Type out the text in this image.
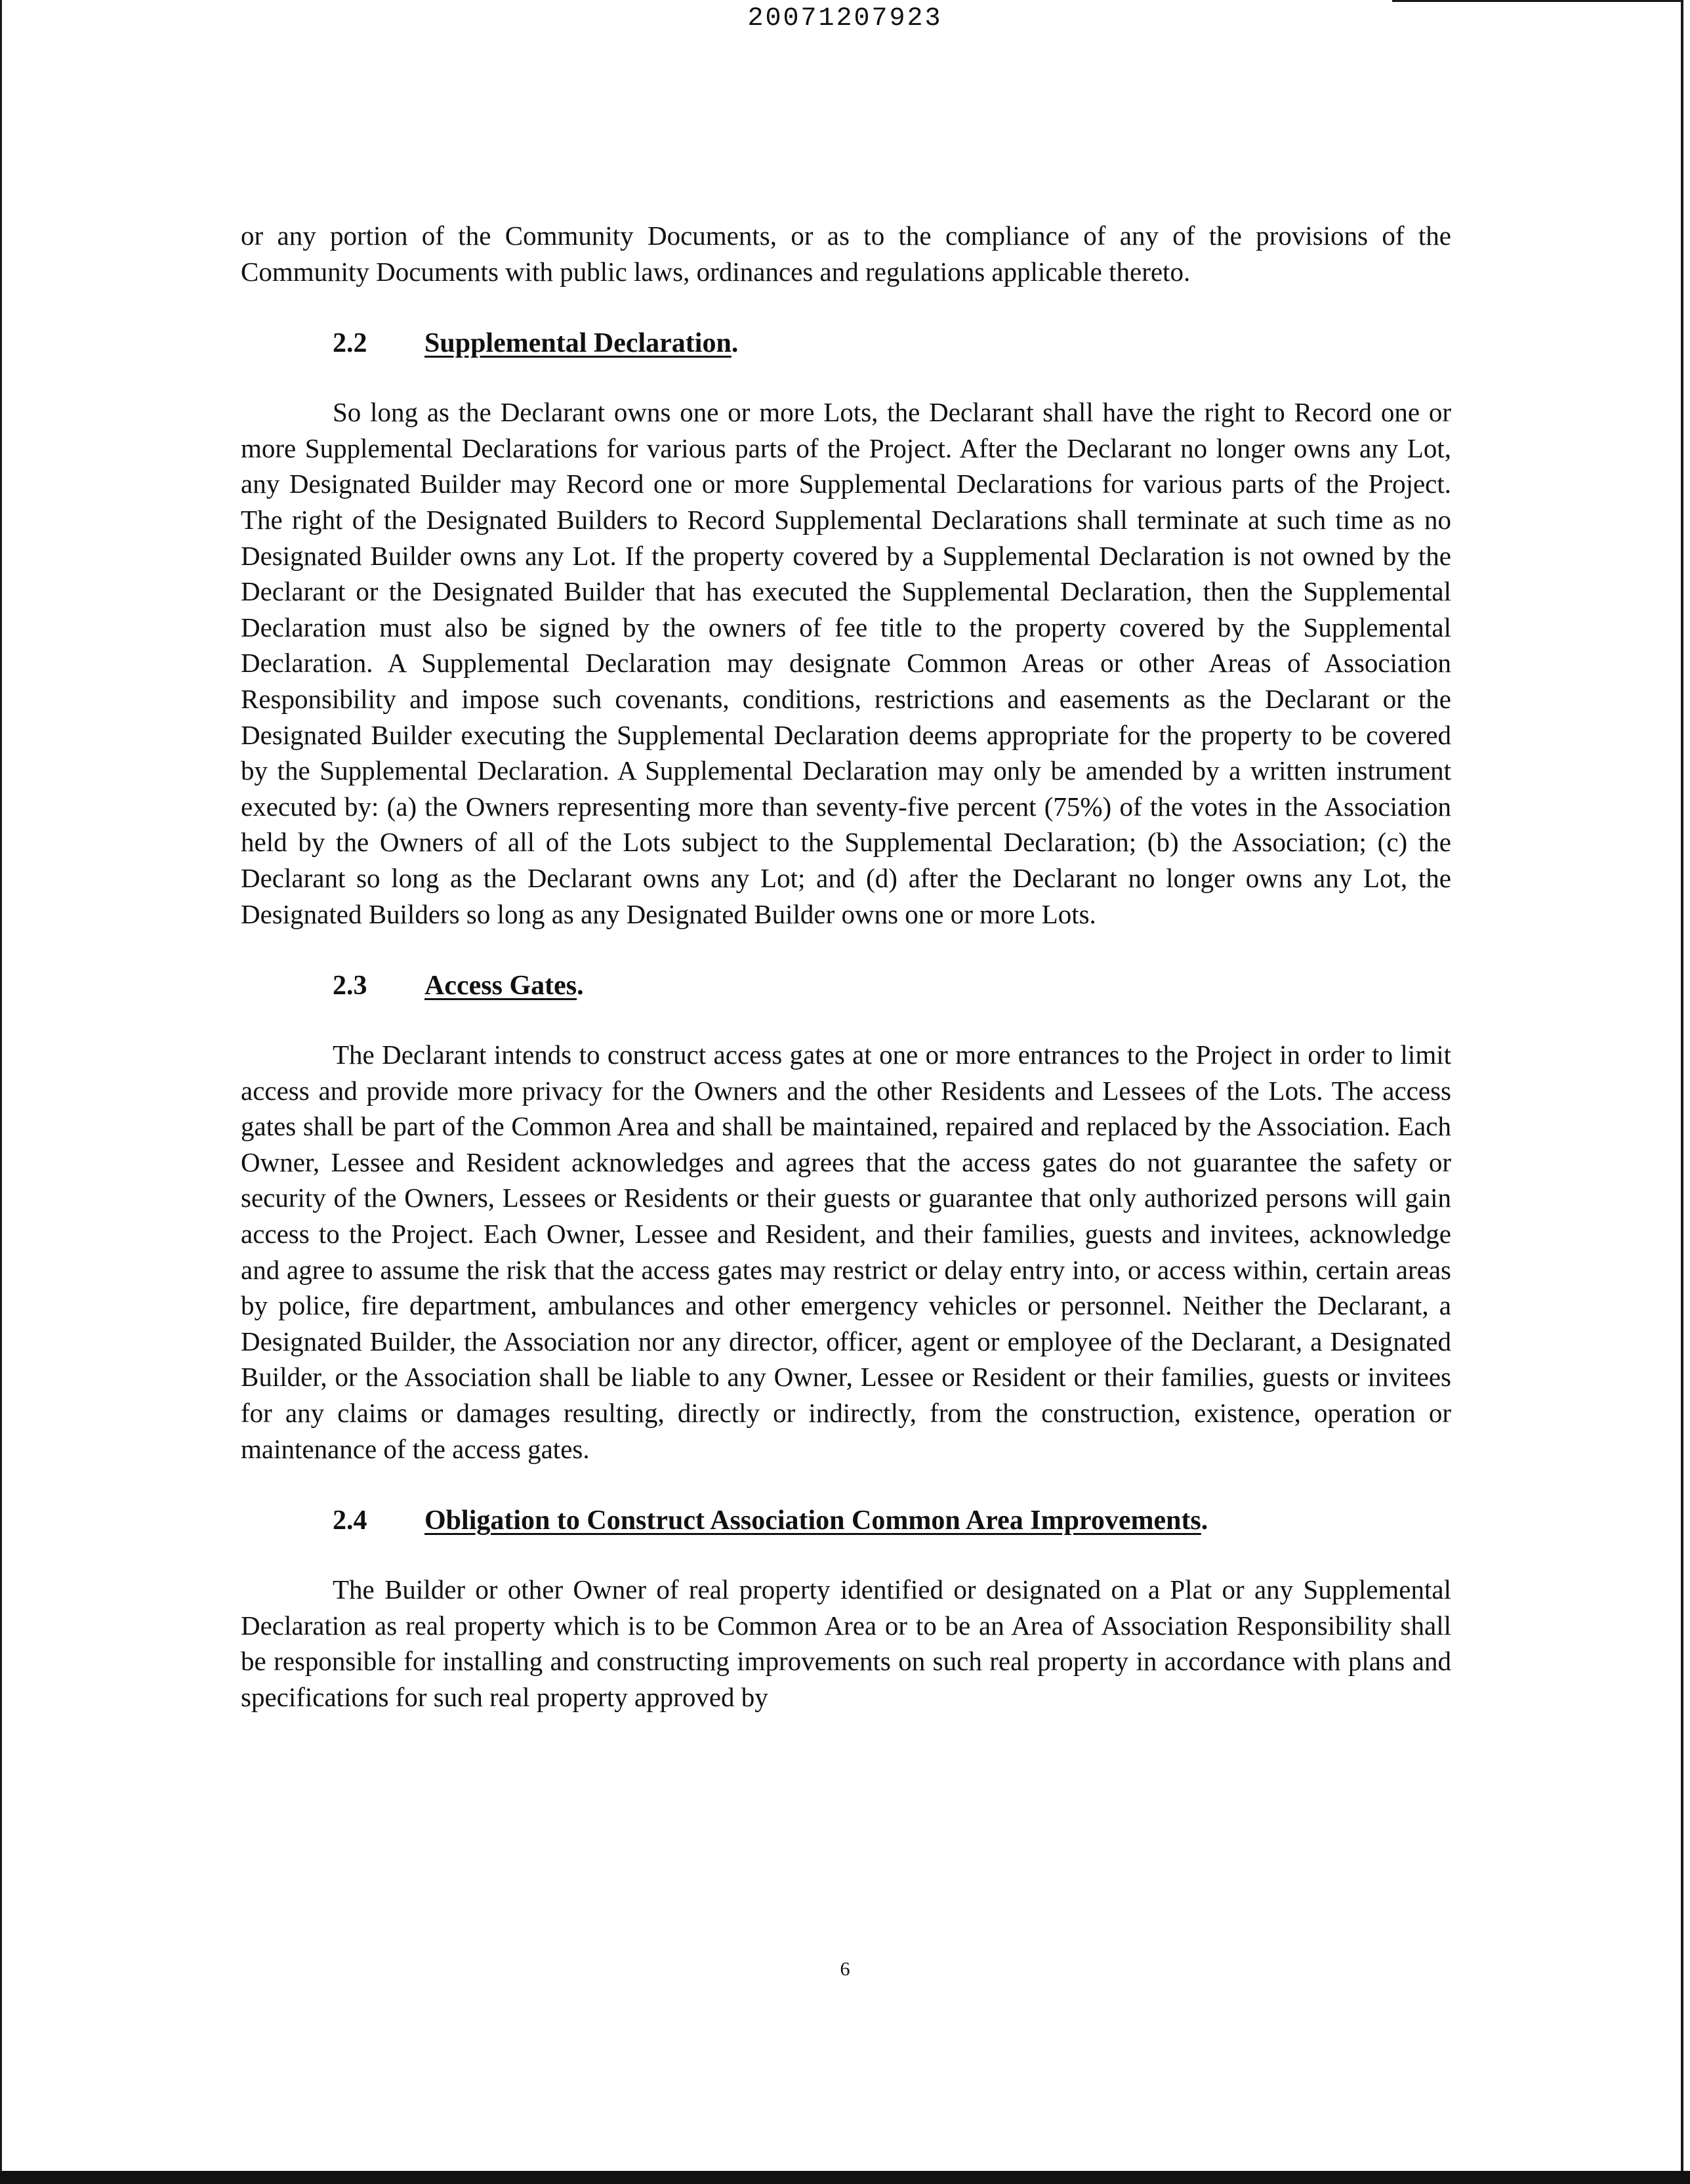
20071207923

or any portion of the Community Documents, or as to the compliance of any of the provisions of the Community Documents with public laws, ordinances and regulations applicable thereto.

2.2 Supplemental Declaration.

So long as the Declarant owns one or more Lots, the Declarant shall have the right to Record one or more Supplemental Declarations for various parts of the Project. After the Declarant no longer owns any Lot, any Designated Builder may Record one or more Supplemental Declarations for various parts of the Project. The right of the Designated Builders to Record Supplemental Declarations shall terminate at such time as no Designated Builder owns any Lot. If the property covered by a Supplemental Declaration is not owned by the Declarant or the Designated Builder that has executed the Supplemental Declaration, then the Supplemental Declaration must also be signed by the owners of fee title to the property covered by the Supplemental Declaration. A Supplemental Declaration may designate Common Areas or other Areas of Association Responsibility and impose such covenants, conditions, restrictions and easements as the Declarant or the Designated Builder executing the Supplemental Declaration deems appropriate for the property to be covered by the Supplemental Declaration. A Supplemental Declaration may only be amended by a written instrument executed by: (a) the Owners representing more than seventy-five percent (75%) of the votes in the Association held by the Owners of all of the Lots subject to the Supplemental Declaration; (b) the Association; (c) the Declarant so long as the Declarant owns any Lot; and (d) after the Declarant no longer owns any Lot, the Designated Builders so long as any Designated Builder owns one or more Lots.

2.3 Access Gates.

The Declarant intends to construct access gates at one or more entrances to the Project in order to limit access and provide more privacy for the Owners and the other Residents and Lessees of the Lots. The access gates shall be part of the Common Area and shall be maintained, repaired and replaced by the Association. Each Owner, Lessee and Resident acknowledges and agrees that the access gates do not guarantee the safety or security of the Owners, Lessees or Residents or their guests or guarantee that only authorized persons will gain access to the Project. Each Owner, Lessee and Resident, and their families, guests and invitees, acknowledge and agree to assume the risk that the access gates may restrict or delay entry into, or access within, certain areas by police, fire department, ambulances and other emergency vehicles or personnel. Neither the Declarant, a Designated Builder, the Association nor any director, officer, agent or employee of the Declarant, a Designated Builder, or the Association shall be liable to any Owner, Lessee or Resident or their families, guests or invitees for any claims or damages resulting, directly or indirectly, from the construction, existence, operation or maintenance of the access gates.

2.4 Obligation to Construct Association Common Area Improvements.

The Builder or other Owner of real property identified or designated on a Plat or any Supplemental Declaration as real property which is to be Common Area or to be an Area of Association Responsibility shall be responsible for installing and constructing improvements on such real property in accordance with plans and specifications for such real property approved by

6
